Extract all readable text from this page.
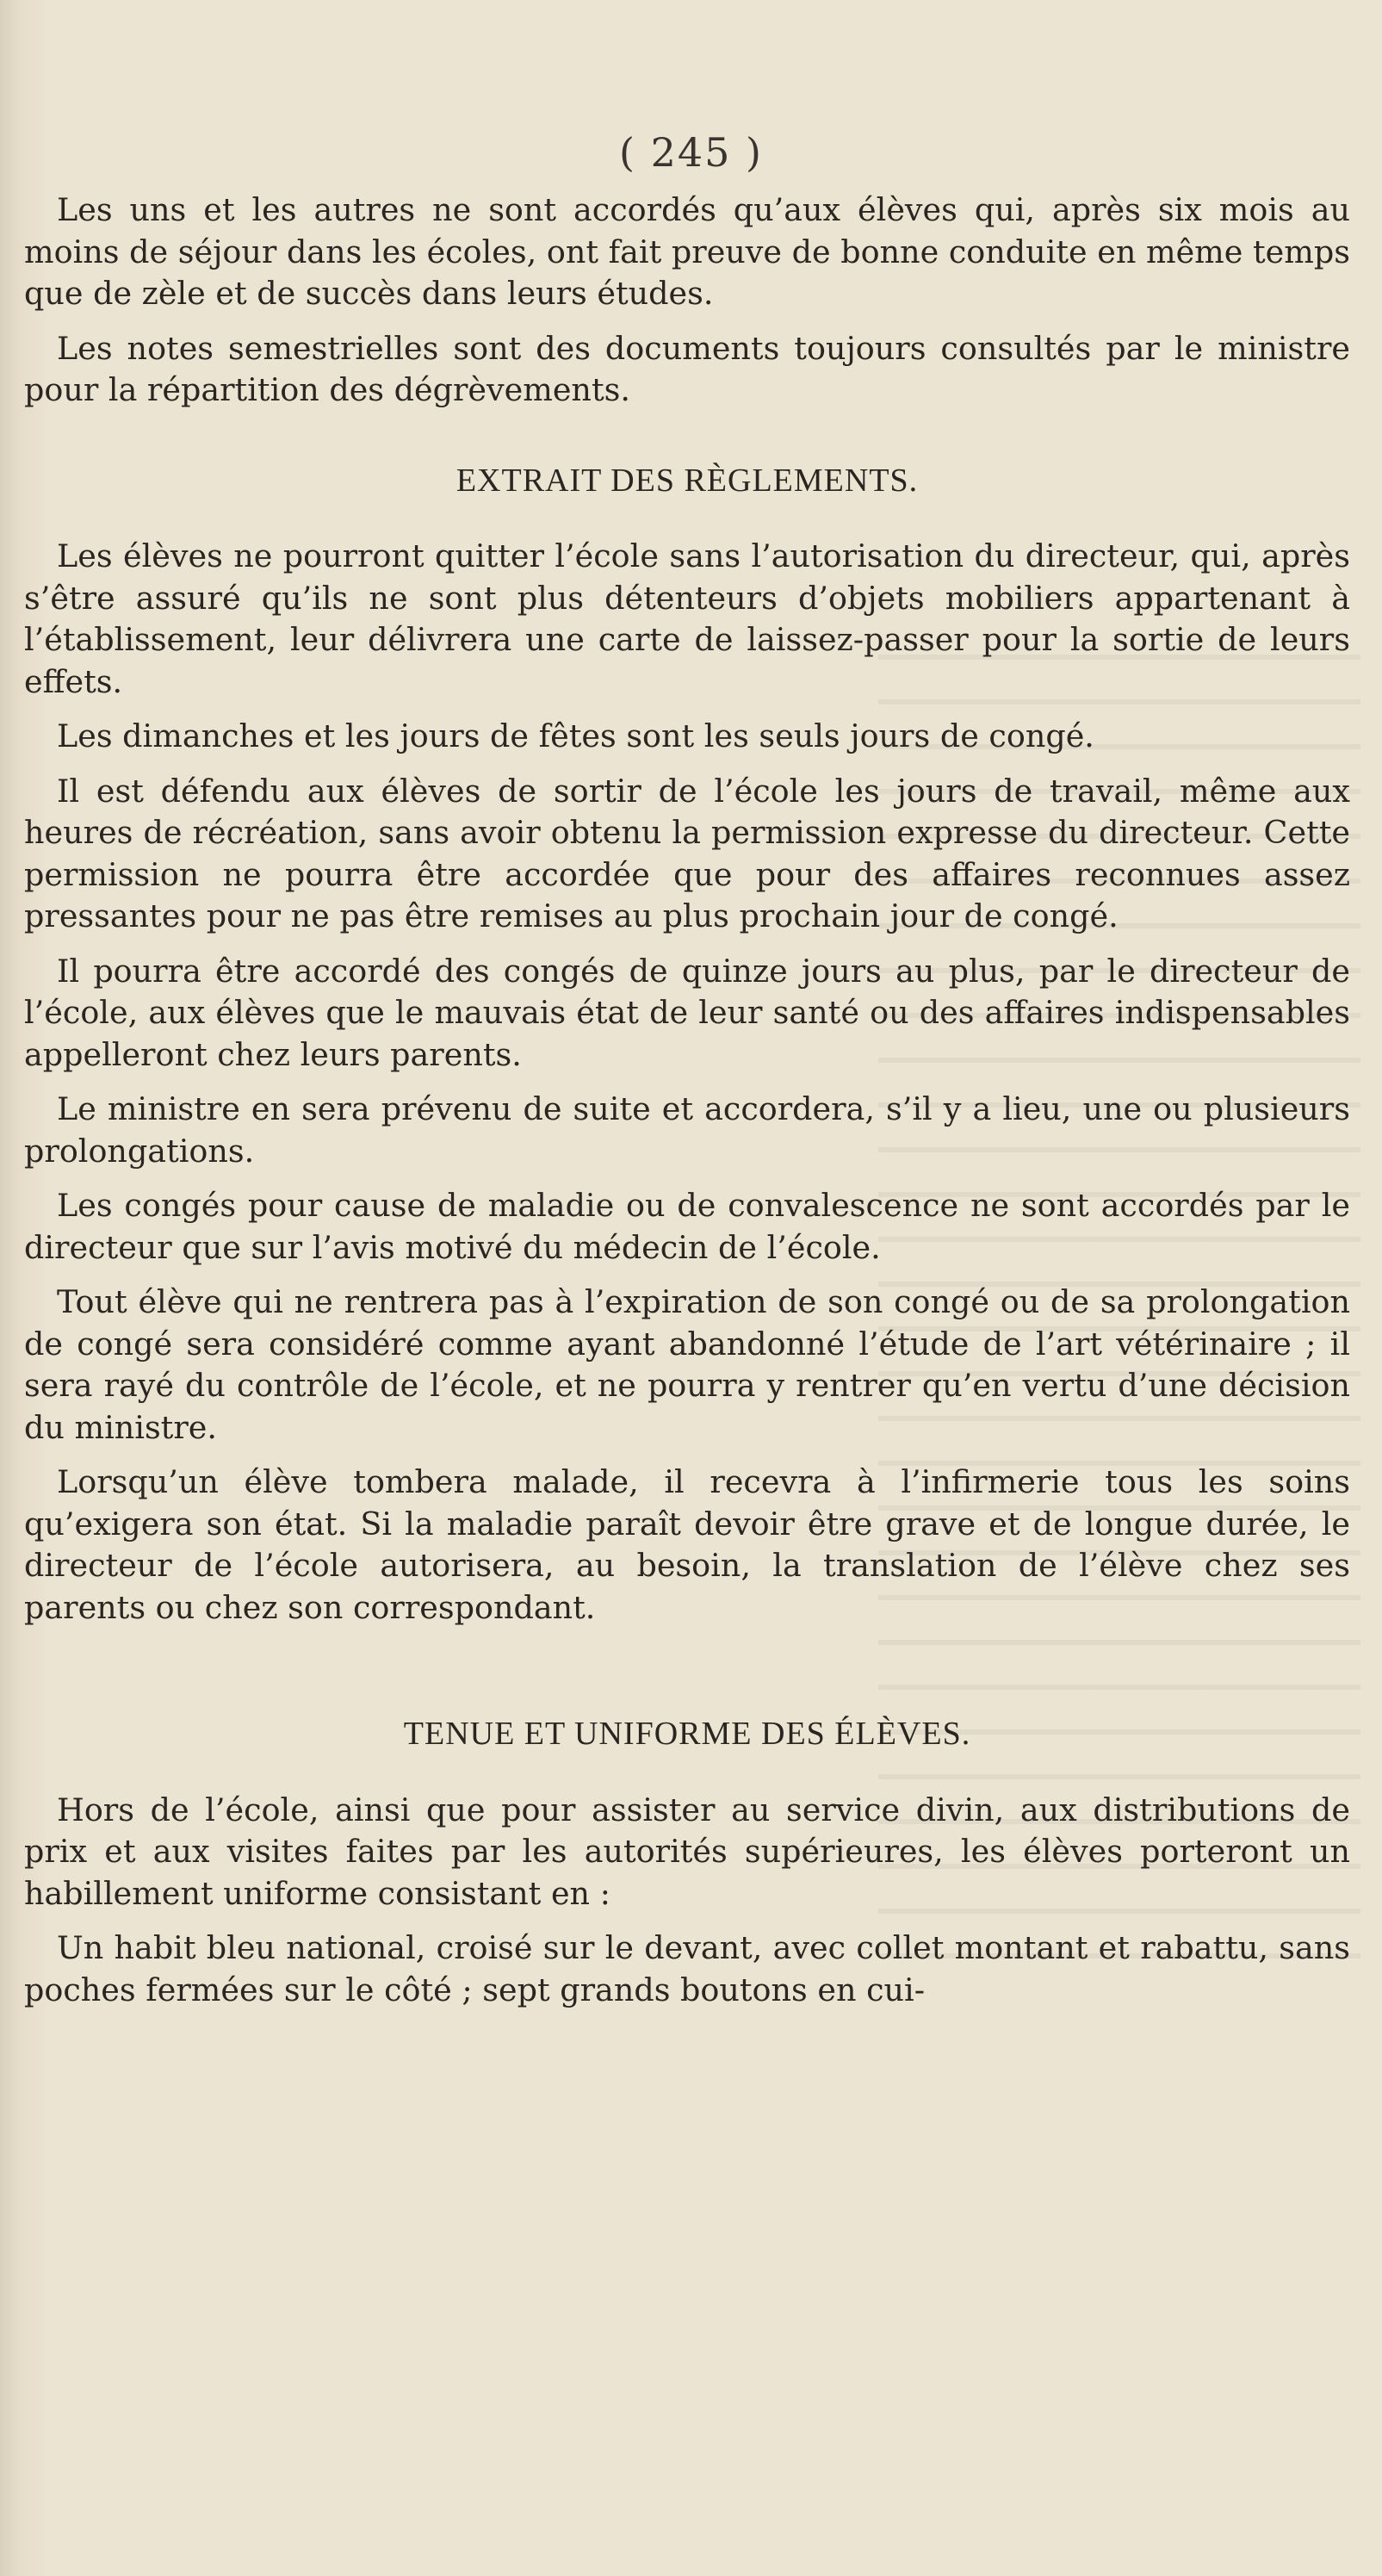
( 245 )

Les uns et les autres ne sont accordés qu’aux élèves qui, après six mois au moins de séjour dans les écoles, ont fait preuve de bonne conduite en même temps que de zèle et de succès dans leurs études.

Les notes semestrielles sont des documents toujours consultés par le ministre pour la répartition des dégrèvements.

EXTRAIT DES RÈGLEMENTS.

Les élèves ne pourront quitter l’école sans l’autorisation du directeur, qui, après s’être assuré qu’ils ne sont plus détenteurs d’objets mobiliers appartenant à l’établissement, leur délivrera une carte de laissez-passer pour la sortie de leurs effets.

Les dimanches et les jours de fêtes sont les seuls jours de congé.

Il est défendu aux élèves de sortir de l’école les jours de travail, même aux heures de récréation, sans avoir obtenu la permission expresse du directeur. Cette permission ne pourra être accordée que pour des affaires reconnues assez pressantes pour ne pas être remises au plus prochain jour de congé.

Il pourra être accordé des congés de quinze jours au plus, par le directeur de l’école, aux élèves que le mauvais état de leur santé ou des affaires indispensables appelleront chez leurs parents.

Le ministre en sera prévenu de suite et accordera, s’il y a lieu, une ou plusieurs prolongations.

Les congés pour cause de maladie ou de convalescence ne sont accordés par le directeur que sur l’avis motivé du médecin de l’école.

Tout élève qui ne rentrera pas à l’expiration de son congé ou de sa prolongation de congé sera considéré comme ayant abandonné l’étude de l’art vétérinaire ; il sera rayé du contrôle de l’école, et ne pourra y rentrer qu’en vertu d’une décision du ministre.

Lorsqu’un élève tombera malade, il recevra à l’infirmerie tous les soins qu’exigera son état. Si la maladie paraît devoir être grave et de longue durée, le directeur de l’école autorisera, au besoin, la translation de l’élève chez ses parents ou chez son correspondant.

TENUE ET UNIFORME DES ÉLÈVES.

Hors de l’école, ainsi que pour assister au service divin, aux distributions de prix et aux visites faites par les autorités supérieures, les élèves porteront un habillement uniforme consistant en :

Un habit bleu national, croisé sur le devant, avec collet montant et rabattu, sans poches fermées sur le côté ; sept grands boutons en cui-
